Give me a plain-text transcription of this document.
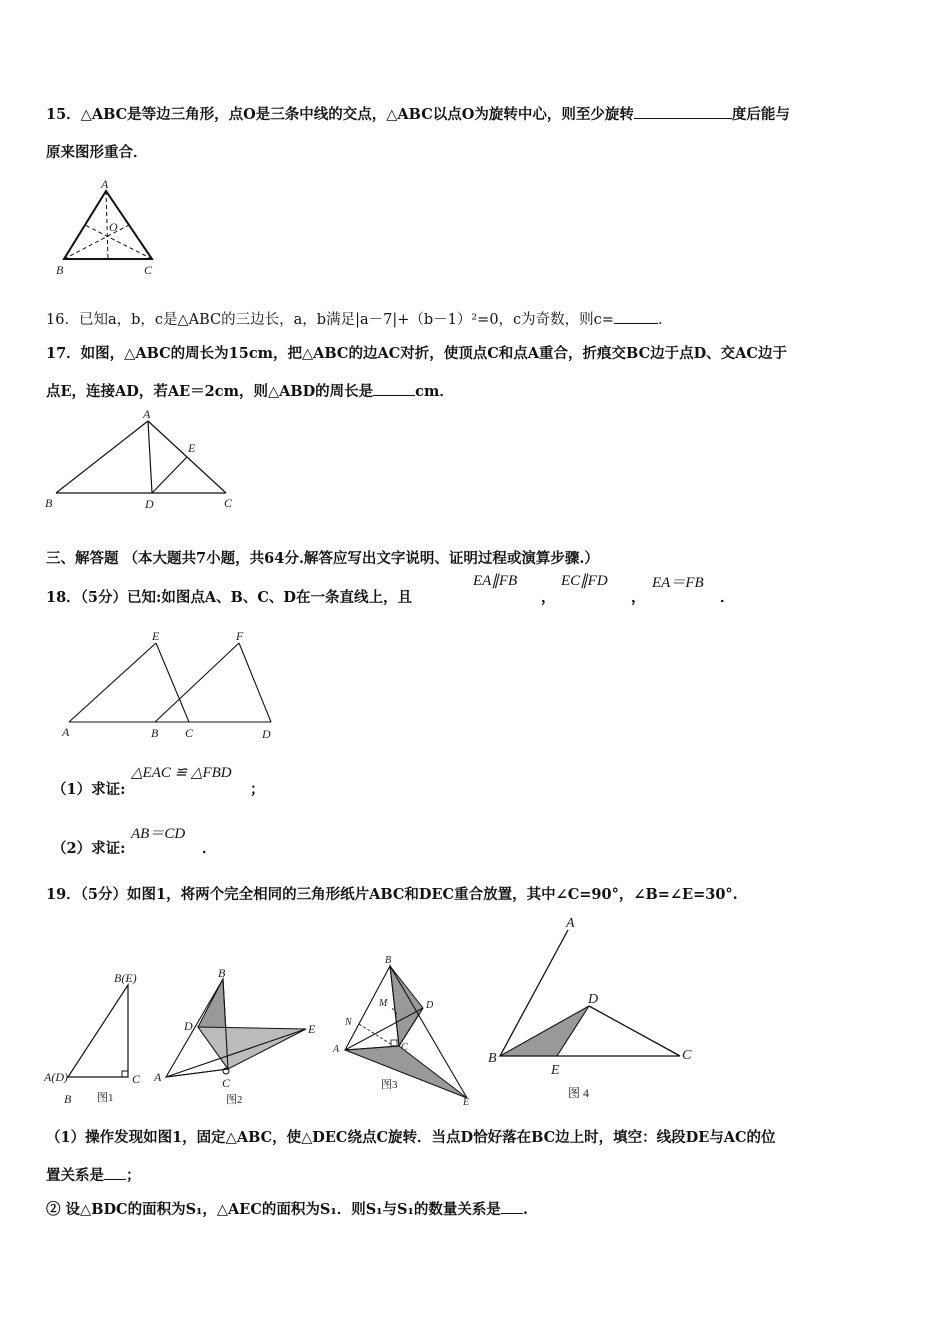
15．△ABC是等边三角形，点O是三条中线的交点，△ABC以点O为旋转中心，则至少旋转	度后能与
原来图形重合．
A
O
B	C
16．已知a，b，c是△ABC的三边长，a，b满足|a－7|+（b－1）²=0，c为奇数，则c=	．
17．如图，△ABC的周长为15cm，把△ABC的边AC对折，使顶点C和点A重合，折痕交BC边于点D、交AC边于
点E，连接AD，若AE＝2cm，则△ABD的周长是	cm．
A
E
B	D	C
三、解答题 （本大题共7小题，共64分.解答应写出文字说明、证明过程或演算步骤.）
18．（5分）已知:如图点A、B、C、D在一条直线上，且
EA∥FB
，
EC∥FD
，
EA＝FB
．
E	F
A	B C	D
（1）求证:
△EAC ≌ △FBD
；
（2）求证:
AB＝CD
．
19．（5分）如图1，将两个完全相同的三角形纸片ABC和DEC重合放置，其中∠C=90°，∠B=∠E=30°.
B(E)
A(D)	C
B 图1
B
D	E
A	C
图2
B
M	D
N
A	C
E
图3
A
D
B
E
C
图 4
（1）操作发现如图1，固定△ABC，使△DEC绕点C旋转．当点D恰好落在BC边上时，填空：线段DE与AC的位
置关系是 ；
② 设△BDC的面积为S₁，△AEC的面积为S₁．则S₁与S₁的数量关系是 .
